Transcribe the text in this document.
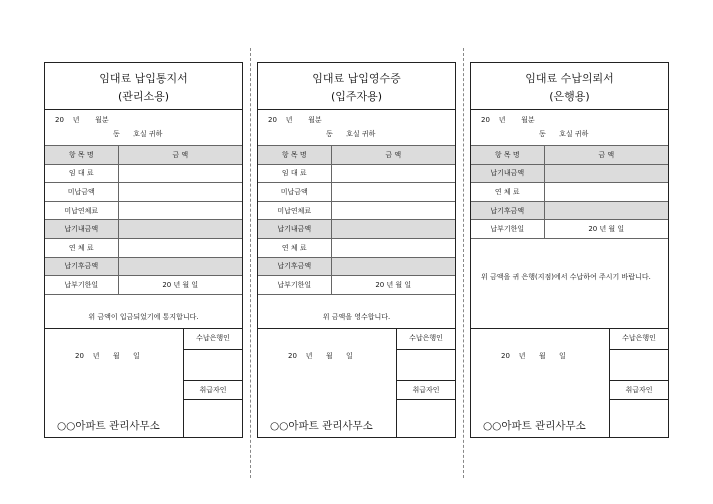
임대료 납입통지서
(관리소용)
20    년       월분
동      호실 귀하
항 목 명	금 액
임 대 료	
미납금액	
미납연체료	
납기내금액	
연 체 료	
납기후금액	
납부기한일	20 년 월 일
위 금액이 입금되었기에 통지합니다.
20    년      월      일
수납은행인
취급자인
○○아파트 관리사무소
임대료 납입영수증
(입주자용)
20    년       월분
동      호실 귀하
항 목 명	금 액
임 대 료	
미납금액	
미납연체료	
납기내금액	
연 체 료	
납기후금액	
납부기한일	20 년 월 일
위 금액을 영수합니다.
20    년      월      일
수납은행인
취급자인
○○아파트 관리사무소
임대료 수납의뢰서
(은행용)
20    년       월분
동      호실 귀하
항 목 명	금 액
납기내금액	
연 체 료	
납기후금액	
납부기한일	20 년 월 일
위 금액을 귀 은행(지점)에서 수납하여 주시기 바랍니다.
20    년      월      일
수납은행인
취급자인
○○아파트 관리사무소
